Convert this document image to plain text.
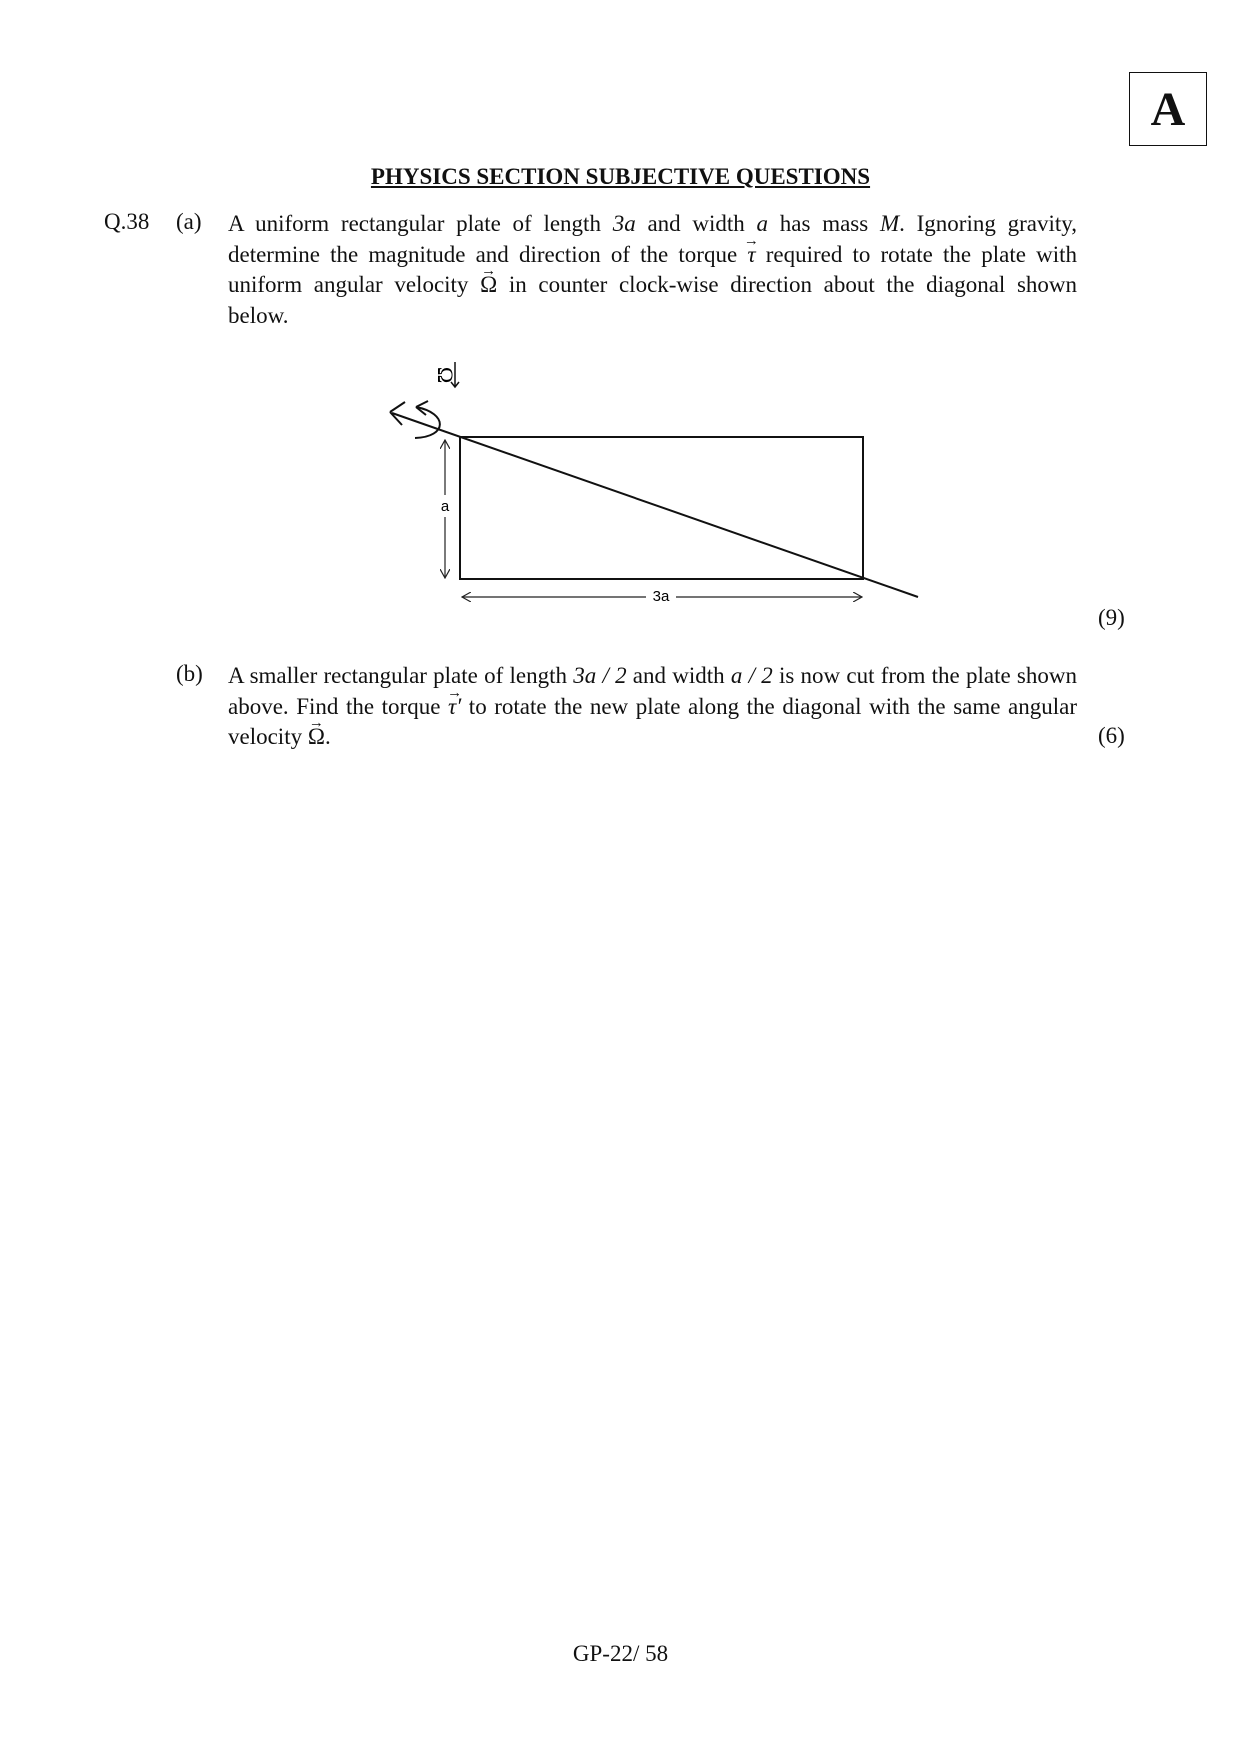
A
PHYSICS SECTION SUBJECTIVE QUESTIONS
Q.38 (a) A uniform rectangular plate of length 3a and width a has mass M. Ignoring gravity, determine the magnitude and direction of the torque → τ required to rotate the plate with uniform angular velocity → Ω in counter clock-wise direction about the diagonal shown below.
Ω
a
3a
(9)
(b) A smaller rectangular plate of length 3a / 2 and width a / 2 is now cut from the plate shown above. Find the torque → τ′ to rotate the new plate along the diagonal with the same angular velocity → Ω.	(6)
GP-22/ 58
